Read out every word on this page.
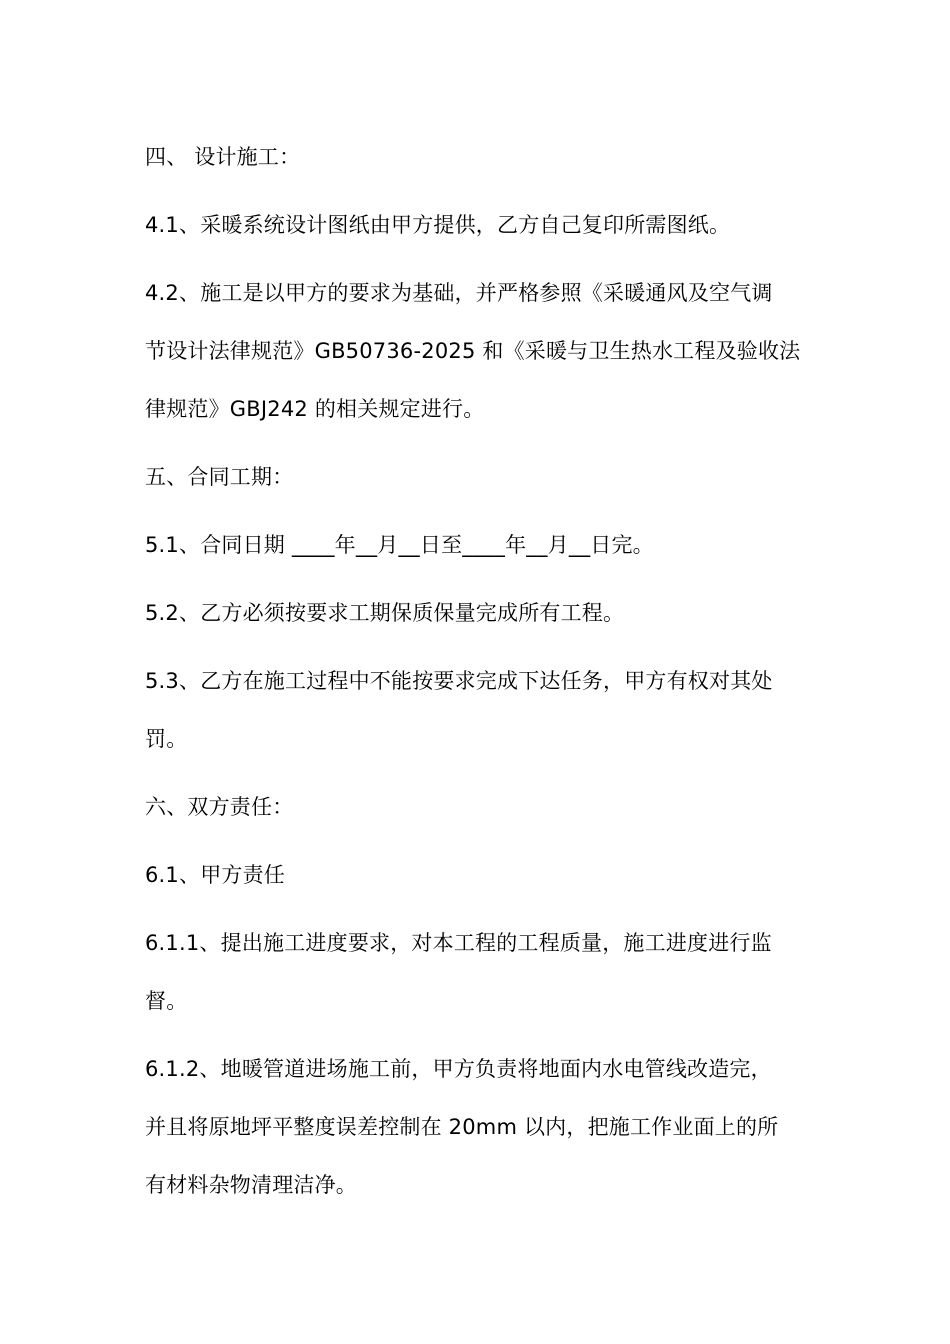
四、 设计施工：
4.1、采暖系统设计图纸由甲方提供，乙方自己复印所需图纸。
4.2、施工是以甲方的要求为基础，并严格参照《采暖通风及空气调
节设计法律规范》GB50736-2025 和《采暖与卫生热水工程及验收法
律规范》GBJ242 的相关规定进行。
五、合同工期：
5.1、合同日期 ____年__月__日至____年__月__日完。
5.2、乙方必须按要求工期保质保量完成所有工程。
5.3、乙方在施工过程中不能按要求完成下达任务，甲方有权对其处
罚。
六、双方责任：
6.1、甲方责任
6.1.1、提出施工进度要求，对本工程的工程质量，施工进度进行监
督。
6.1.2、地暖管道进场施工前，甲方负责将地面内水电管线改造完，
并且将原地坪平整度误差控制在 20mm 以内，把施工作业面上的所
有材料杂物清理洁净。
